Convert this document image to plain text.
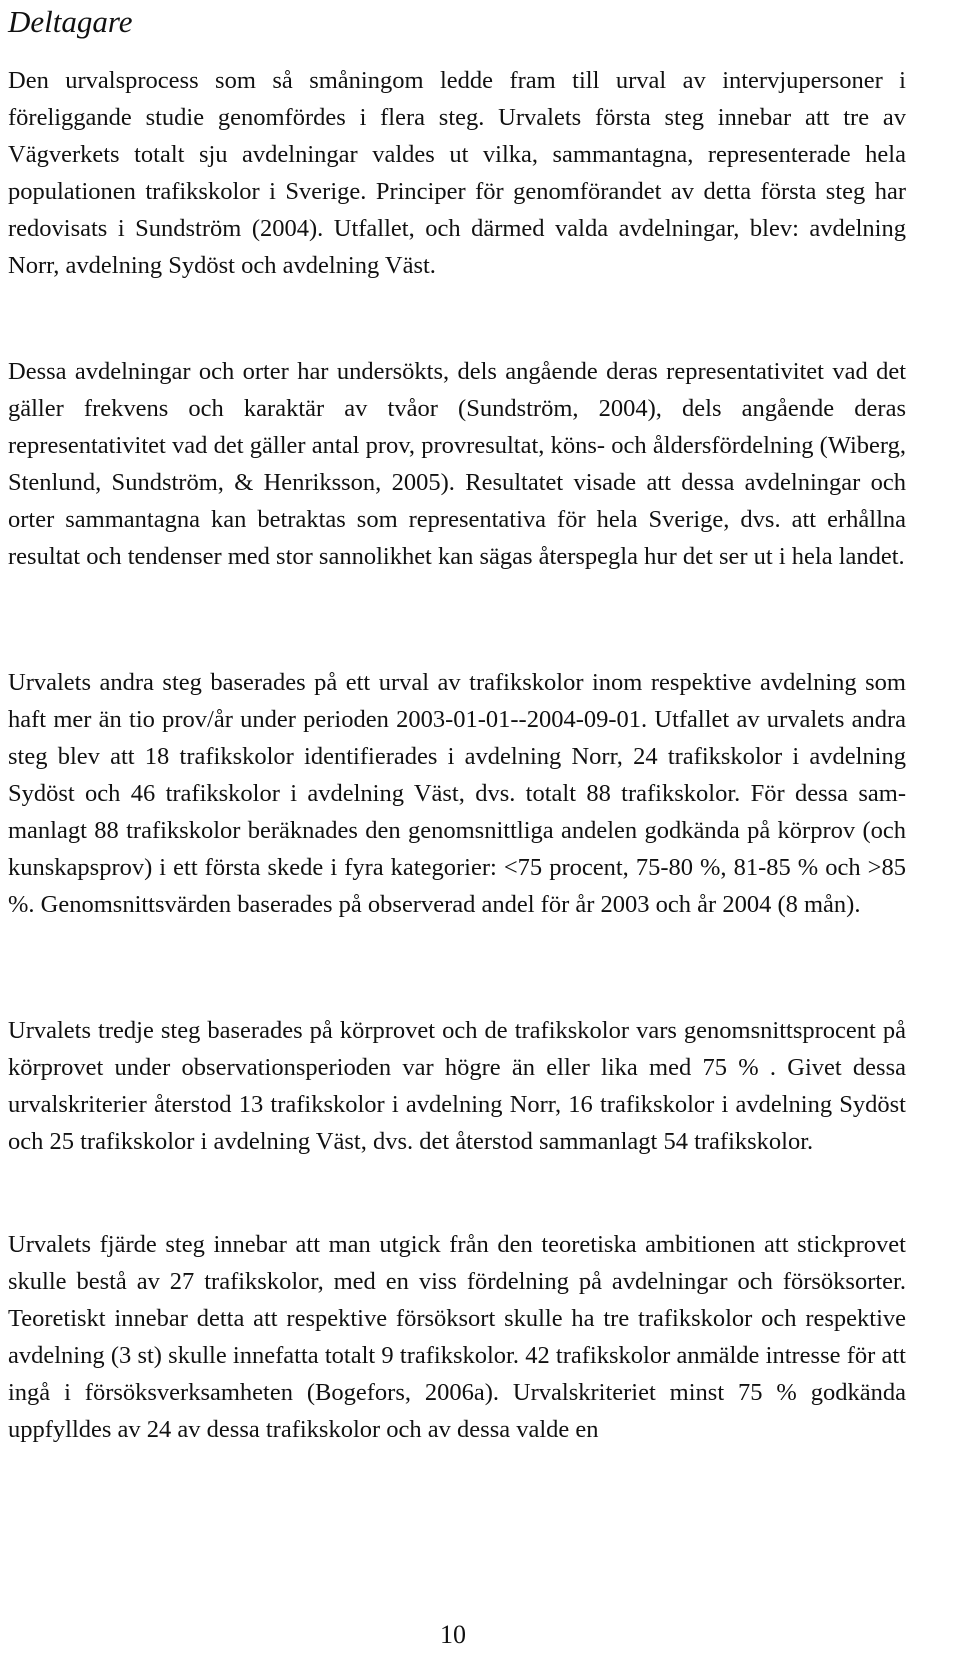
Deltagare

Den urvalsprocess som så småningom ledde fram till urval av intervjupersoner i föreliggande studie genomfördes i flera steg. Urvalets första steg innebar att tre av Vägverkets totalt sju avdelningar valdes ut vilka, sammantagna, representerade hela populationen trafikskolor i Sverige. Principer för genomförandet av detta första steg har redovisats i Sundström (2004). Utfallet, och därmed valda avdelningar, blev: avdelning Norr, avdelning Sydöst och avdelning Väst.

Dessa avdelningar och orter har undersökts, dels angående deras representativitet vad det gäller frekvens och karaktär av tvåor (Sundström, 2004), dels angående deras representativitet vad det gäller antal prov, provresultat, köns- och åldersfördelning (Wiberg, Stenlund, Sundström, & Henriksson, 2005). Resultatet visade att dessa avdelningar och orter sammantagna kan betraktas som representativa för hela Sverige, dvs. att erhållna resultat och tendenser med stor sannolikhet kan sägas återspegla hur det ser ut i hela landet.

Urvalets andra steg baserades på ett urval av trafikskolor inom respektive avdelning som haft mer än tio prov/år under perioden 2003-01-01--2004-09-01. Utfallet av urvalets andra steg blev att 18 trafikskolor identifierades i avdelning Norr, 24 trafikskolor i avdelning Sydöst och 46 trafikskolor i avdelning Väst, dvs. totalt 88 trafikskolor. För dessa sammanlagt 88 trafikskolor beräknades den genomsnittliga andelen godkända på körprov (och kunskapsprov) i ett första skede i fyra kategorier: <75 procent, 75-80 %, 81-85 % och >85 %. Genomsnittsvärden baserades på observerad andel för år 2003 och år 2004 (8 mån).

Urvalets tredje steg baserades på körprovet och de trafikskolor vars genomsnittsprocent på körprovet under observationsperioden var högre än eller lika med 75 % . Givet dessa urvalskriterier återstod 13 trafikskolor i avdelning Norr, 16 trafikskolor i avdelning Sydöst och 25 trafikskolor i avdelning Väst, dvs. det återstod sammanlagt 54 trafikskolor.

Urvalets fjärde steg innebar att man utgick från den teoretiska ambitionen att stickprovet skulle bestå av 27 trafikskolor, med en viss fördelning på avdelningar och försöksorter. Teoretiskt innebar detta att respektive försöksort skulle ha tre trafikskolor och respektive avdelning (3 st) skulle innefatta totalt 9 trafikskolor. 42 trafikskolor anmälde intresse för att ingå i försöksverksamheten (Bogefors, 2006a). Urvalskriteriet minst 75 % godkända uppfylldes av 24 av dessa trafikskolor och av dessa valde en

10
